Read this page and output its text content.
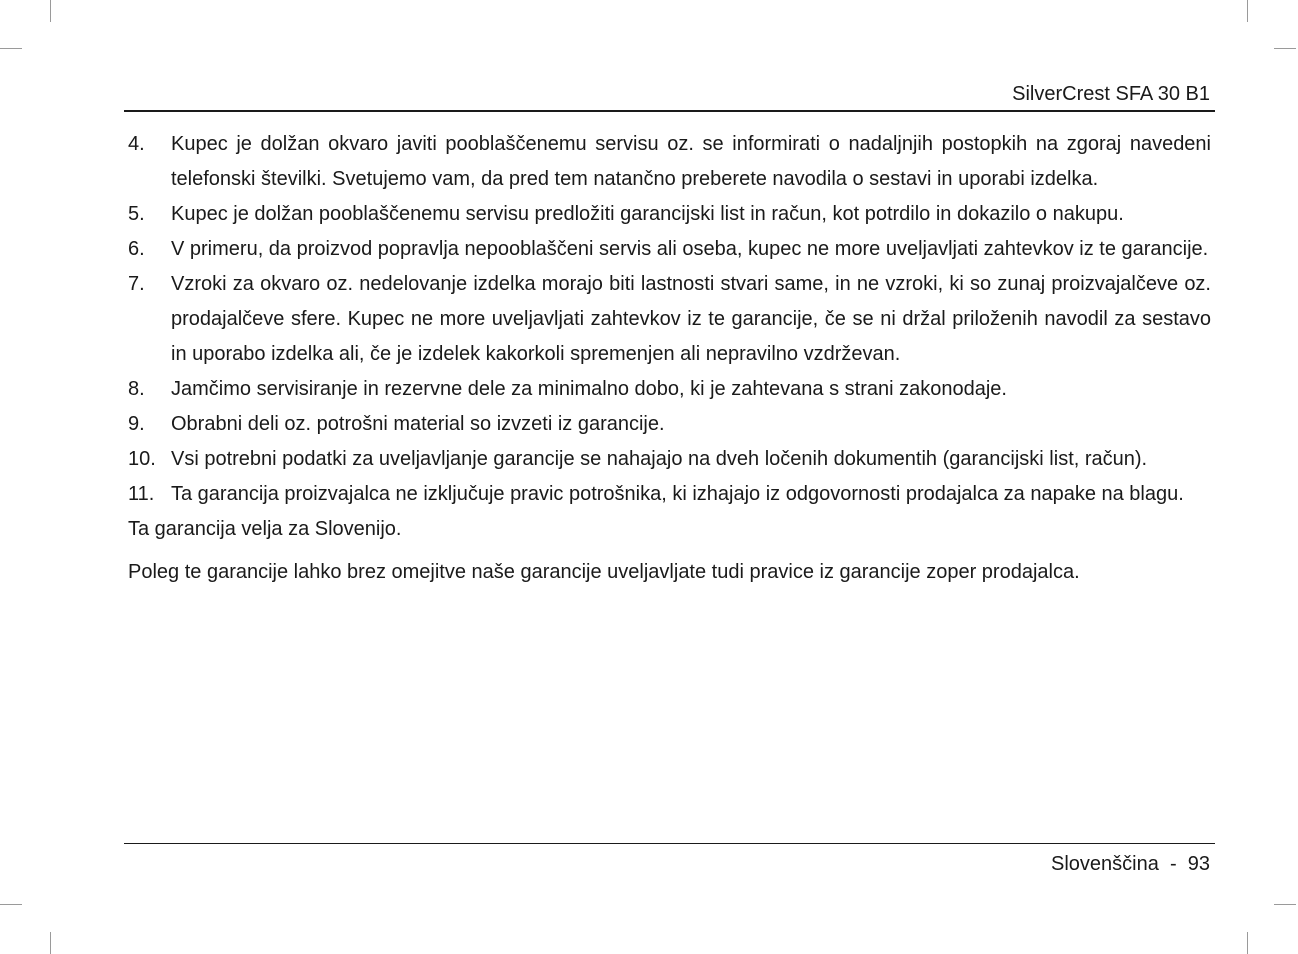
SilverCrest SFA 30 B1
4.	Kupec je dolžan okvaro javiti pooblaščenemu servisu oz. se informirati o nadaljnjih postopkih na zgoraj navedeni telefonski številki. Svetujemo vam, da pred tem natančno preberete navodila o sestavi in uporabi izdelka.
5.	Kupec je dolžan pooblaščenemu servisu predložiti garancijski list in račun, kot potrdilo in dokazilo o nakupu.
6.	V primeru, da proizvod popravlja nepooblaščeni servis ali oseba, kupec ne more uveljavljati zahtevkov iz te garancije.
7.	Vzroki za okvaro oz. nedelovanje izdelka morajo biti lastnosti stvari same, in ne vzroki, ki so zunaj proizvajalčeve oz. prodajalčeve sfere. Kupec ne more uveljavljati zahtevkov iz te garancije, če se ni držal priloženih navodil za sestavo in uporabo izdelka ali, če je izdelek kakorkoli spremenjen ali nepravilno vzdrževan.
8.	Jamčimo servisiranje in rezervne dele za minimalno dobo, ki je zahtevana s strani zakonodaje.
9.	Obrabni deli oz. potrošni material so izvzeti iz garancije.
10. Vsi potrebni podatki za uveljavljanje garancije se nahajajo na dveh ločenih dokumentih (garancijski list, račun).
11. Ta garancija proizvajalca ne izključuje pravic potrošnika, ki izhajajo iz odgovornosti prodajalca za napake na blagu.

Ta garancija velja za Slovenijo.

Poleg te garancije lahko brez omejitve naše garancije uveljavljate tudi pravice iz garancije zoper prodajalca.

Slovenščina - 93
